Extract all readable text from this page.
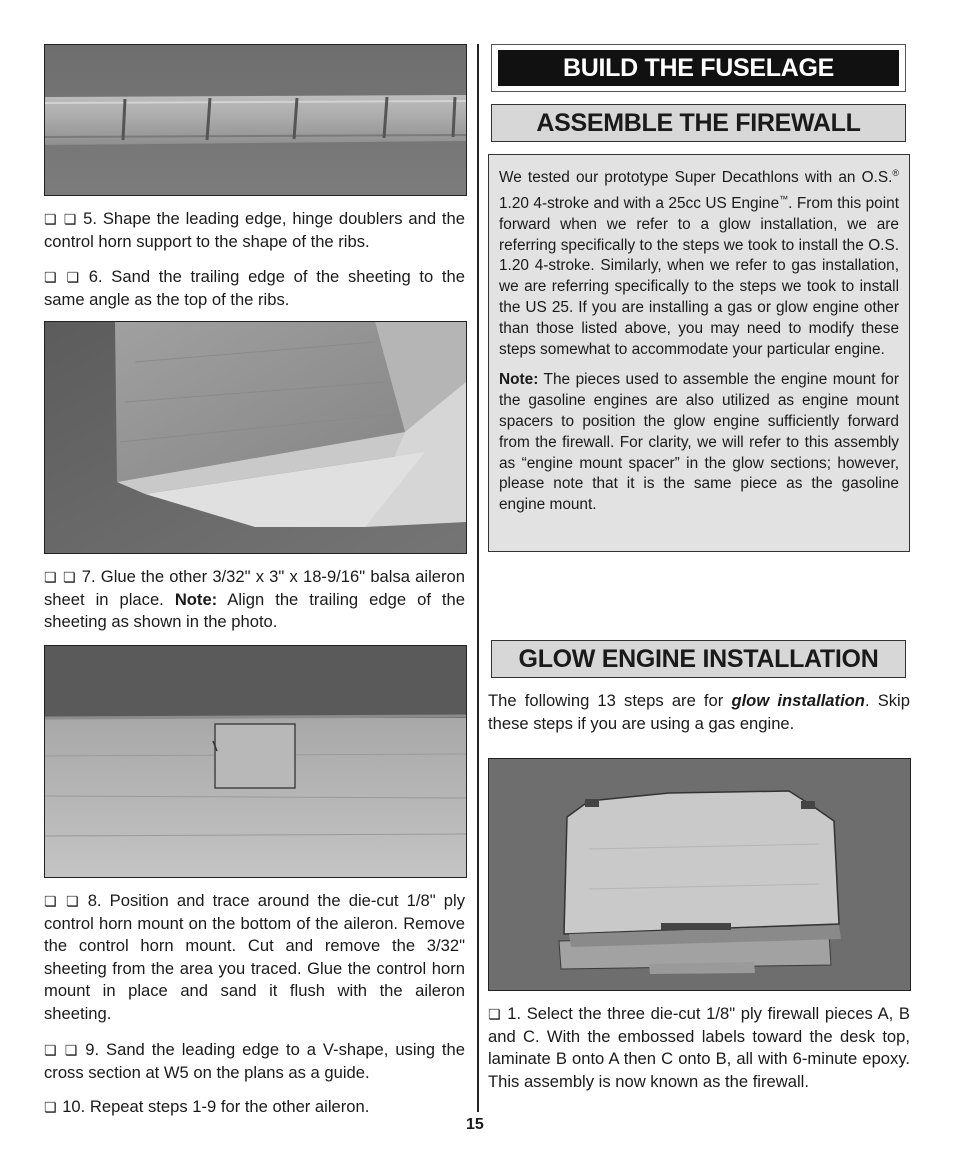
❏ ❏ 5. Shape the leading edge, hinge doublers and the control horn support to the shape of the ribs.
❏ ❏ 6. Sand the trailing edge of the sheeting to the same angle as the top of the ribs.
❏ ❏ 7. Glue the other 3/32" x 3" x 18-9/16" balsa aileron sheet in place. Note: Align the trailing edge of the sheeting as shown in the photo.
❏ ❏ 8. Position and trace around the die-cut 1/8" ply control horn mount on the bottom of the aileron. Remove the control horn mount. Cut and remove the 3/32" sheeting from the area you traced. Glue the control horn mount in place and sand it flush with the aileron sheeting.
❏ ❏ 9. Sand the leading edge to a V-shape, using the cross section at W5 on the plans as a guide.
❏ 10. Repeat steps 1-9 for the other aileron.
BUILD THE FUSELAGE
ASSEMBLE THE FIREWALL

We tested our prototype Super Decathlons with an O.S.® 1.20 4-stroke and with a 25cc US Engine™. From this point forward when we refer to a glow installation, we are referring specifically to the steps we took to install the O.S. 1.20 4-stroke. Similarly, when we refer to gas installation, we are referring specifically to the steps we took to install the US 25. If you are installing a gas or glow engine other than those listed above, you may need to modify these steps somewhat to accommodate your particular engine.

Note: The pieces used to assemble the engine mount for the gasoline engines are also utilized as engine mount spacers to position the glow engine sufficiently forward from the firewall. For clarity, we will refer to this assembly as “engine mount spacer” in the glow sections; however, please note that it is the same piece as the gasoline engine mount.

GLOW ENGINE INSTALLATION
The following 13 steps are for glow installation. Skip these steps if you are using a gas engine.
❏ 1. Select the three die-cut 1/8" ply firewall pieces A, B and C. With the embossed labels toward the desk top, laminate B onto A then C onto B, all with 6-minute epoxy. This assembly is now known as the firewall.
15
